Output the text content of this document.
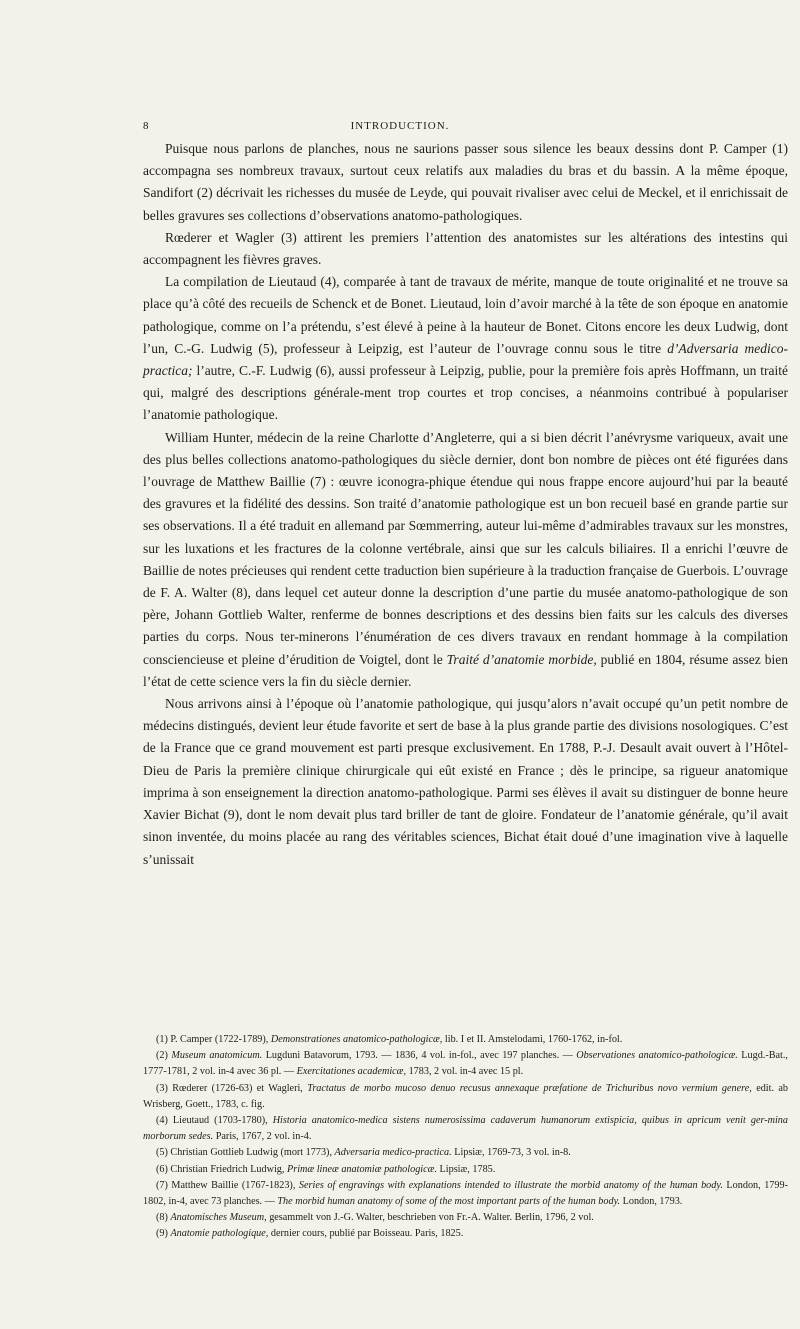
INTRODUCTION.
8

Puisque nous parlons de planches, nous ne saurions passer sous silence les beaux dessins dont P. Camper (1) accompagna ses nombreux travaux, surtout ceux relatifs aux maladies du bras et du bassin. A la même époque, Sandifort (2) décrivait les richesses du musée de Leyde, qui pouvait rivaliser avec celui de Meckel, et il enrichissait de belles gravures ses collections d’observations anatomo-pathologiques.

Rœderer et Wagler (3) attirent les premiers l’attention des anatomistes sur les altérations des intestins qui accompagnent les fièvres graves.

La compilation de Lieutaud (4), comparée à tant de travaux de mérite, manque de toute originalité et ne trouve sa place qu’à côté des recueils de Schenck et de Bonet. Lieutaud, loin d’avoir marché à la tête de son époque en anatomie pathologique, comme on l’a prétendu, s’est élevé à peine à la hauteur de Bonet. Citons encore les deux Ludwig, dont l’un, C.-G. Ludwig (5), professeur à Leipzig, est l’auteur de l’ouvrage connu sous le titre d’Adversaria medico-practica; l’autre, C.-F. Ludwig (6), aussi professeur à Leipzig, publie, pour la première fois après Hoffmann, un traité qui, malgré des descriptions générale-ment trop courtes et trop concises, a néanmoins contribué à populariser l’anatomie pathologique.

William Hunter, médecin de la reine Charlotte d’Angleterre, qui a si bien décrit l’anévrysme variqueux, avait une des plus belles collections anatomo-pathologiques du siècle dernier, dont bon nombre de pièces ont été figurées dans l’ouvrage de Matthew Baillie (7) : œuvre iconogra-phique étendue qui nous frappe encore aujourd’hui par la beauté des gravures et la fidélité des dessins. Son traité d’anatomie pathologique est un bon recueil basé en grande partie sur ses observations. Il a été traduit en allemand par Sœmmerring, auteur lui-même d’admirables travaux sur les monstres, sur les luxations et les fractures de la colonne vertébrale, ainsi que sur les calculs biliaires. Il a enrichi l’œuvre de Baillie de notes précieuses qui rendent cette traduction bien supérieure à la traduction française de Guerbois. L’ouvrage de F. A. Walter (8), dans lequel cet auteur donne la description d’une partie du musée anatomo-pathologique de son père, Johann Gottlieb Walter, renferme de bonnes descriptions et des dessins bien faits sur les calculs des diverses parties du corps. Nous ter-minerons l’énumération de ces divers travaux en rendant hommage à la compilation consciencieuse et pleine d’érudition de Voigtel, dont le Traité d’anatomie morbide, publié en 1804, résume assez bien l’état de cette science vers la fin du siècle dernier.

Nous arrivons ainsi à l’époque où l’anatomie pathologique, qui jusqu’alors n’avait occupé qu’un petit nombre de médecins distingués, devient leur étude favorite et sert de base à la plus grande partie des divisions nosologiques. C’est de la France que ce grand mouvement est parti presque exclusivement. En 1788, P.-J. Desault avait ouvert à l’Hôtel-Dieu de Paris la première clinique chirurgicale qui eût existé en France ; dès le principe, sa rigueur anatomique imprima à son enseignement la direction anatomo-pathologique. Parmi ses élèves il avait su distinguer de bonne heure Xavier Bichat (9), dont le nom devait plus tard briller de tant de gloire. Fondateur de l’anatomie générale, qu’il avait sinon inventée, du moins placée au rang des véritables sciences, Bichat était doué d’une imagination vive à laquelle s’unissait

(1) P. Camper (1722-1789), Demonstrationes anatomico-pathologicæ, lib. I et II. Amstelodami, 1760-1762, in-fol.

(2) Museum anatomicum. Lugduni Batavorum, 1793. — 1836, 4 vol. in-fol., avec 197 planches. — Observationes anatomico-pathologicæ. Lugd.-Bat., 1777-1781, 2 vol. in-4 avec 36 pl. — Exercitationes academicæ, 1783, 2 vol. in-4 avec 15 pl.

(3) Rœderer (1726-63) et Wagleri, Tractatus de morbo mucoso denuo recusus annexaque præfatione de Trichuribus novo vermium genere, edit. ab Wrisberg, Goett., 1783, c. fig.

(4) Lieutaud (1703-1780), Historia anatomico-medica sistens numerosissima cadaverum humanorum extispicia, quibus in apricum venit ger-mina morborum sedes. Paris, 1767, 2 vol. in-4.

(5) Christian Gottlieb Ludwig (mort 1773), Adversaria medico-practica. Lipsiæ, 1769-73, 3 vol. in-8.

(6) Christian Friedrich Ludwig, Primæ lineæ anatomiæ pathologicæ. Lipsiæ, 1785.

(7) Matthew Baillie (1767-1823), Series of engravings with explanations intended to illustrate the morbid anatomy of the human body. London, 1799-1802, in-4, avec 73 planches. — The morbid human anatomy of some of the most important parts of the human body. London, 1793.

(8) Anatomisches Museum, gesammelt von J.-G. Walter, beschrieben von Fr.-A. Walter. Berlin, 1796, 2 vol.

(9) Anatomie pathologique, dernier cours, publié par Boisseau. Paris, 1825.
